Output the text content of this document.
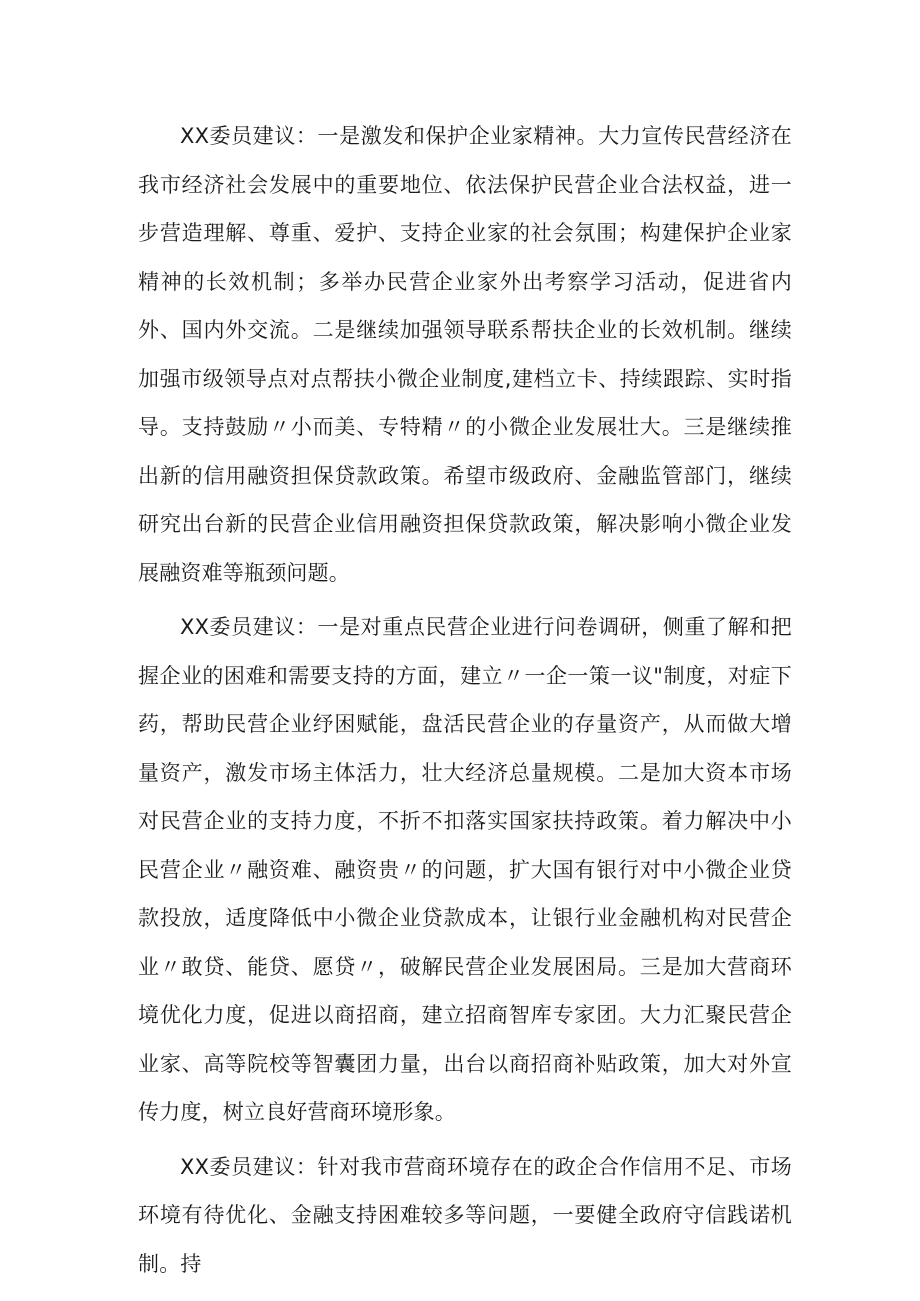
XX委员建议：一是激发和保护企业家精神。大力宣传民营经济在我市经济社会发展中的重要地位、依法保护民营企业合法权益，进一步营造理解、尊重、爱护、支持企业家的社会氛围；构建保护企业家精神的长效机制；多举办民营企业家外出考察学习活动，促进省内外、国内外交流。二是继续加强领导联系帮扶企业的长效机制。继续加强市级领导点对点帮扶小微企业制度,建档立卡、持续跟踪、实时指导。支持鼓励〃小而美、专特精〃的小微企业发展壮大。三是继续推出新的信用融资担保贷款政策。希望市级政府、金融监管部门，继续研究出台新的民营企业信用融资担保贷款政策，解决影响小微企业发展融资难等瓶颈问题。

XX委员建议：一是对重点民营企业进行问卷调研，侧重了解和把握企业的困难和需要支持的方面，建立〃一企一策一议"制度，对症下药，帮助民营企业纾困赋能，盘活民营企业的存量资产，从而做大增量资产，激发市场主体活力，壮大经济总量规模。二是加大资本市场对民营企业的支持力度，不折不扣落实国家扶持政策。着力解决中小民营企业〃融资难、融资贵〃的问题，扩大国有银行对中小微企业贷款投放，适度降低中小微企业贷款成本，让银行业金融机构对民营企业〃敢贷、能贷、愿贷〃，破解民营企业发展困局。三是加大营商环境优化力度，促进以商招商，建立招商智库专家团。大力汇聚民营企业家、高等院校等智囊团力量，出台以商招商补贴政策，加大对外宣传力度，树立良好营商环境形象。

XX委员建议：针对我市营商环境存在的政企合作信用不足、市场环境有待优化、金融支持困难较多等问题，一要健全政府守信践诺机制。持
